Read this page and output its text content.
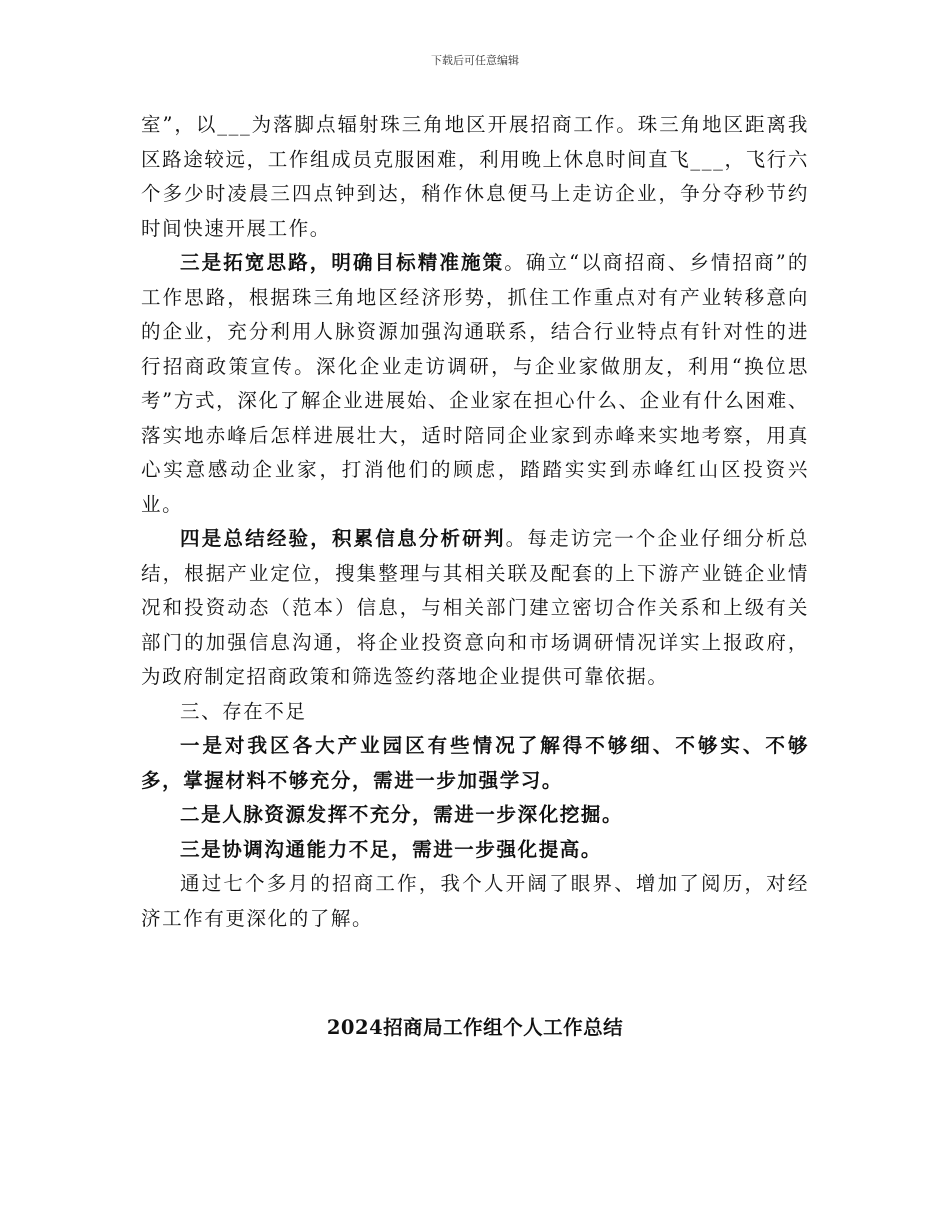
下载后可任意编辑

室”，以___为落脚点辐射珠三角地区开展招商工作。珠三角地区距离我区路途较远，工作组成员克服困难，利用晚上休息时间直飞___，飞行六个多少时凌晨三四点钟到达，稍作休息便马上走访企业，争分夺秒节约时间快速开展工作。

三是拓宽思路，明确目标精准施策。确立“以商招商、乡情招商”的工作思路，根据珠三角地区经济形势，抓住工作重点对有产业转移意向的企业，充分利用人脉资源加强沟通联系，结合行业特点有针对性的进行招商政策宣传。深化企业走访调研，与企业家做朋友，利用“换位思考”方式，深化了解企业进展始、企业家在担心什么、企业有什么困难、落实地赤峰后怎样进展壮大，适时陪同企业家到赤峰来实地考察，用真心实意感动企业家，打消他们的顾虑，踏踏实实到赤峰红山区投资兴业。

四是总结经验，积累信息分析研判。每走访完一个企业仔细分析总结，根据产业定位，搜集整理与其相关联及配套的上下游产业链企业情况和投资动态（范本）信息，与相关部门建立密切合作关系和上级有关部门的加强信息沟通，将企业投资意向和市场调研情况详实上报政府，为政府制定招商政策和筛选签约落地企业提供可靠依据。

三、存在不足

一是对我区各大产业园区有些情况了解得不够细、不够实、不够多，掌握材料不够充分，需进一步加强学习。

二是人脉资源发挥不充分，需进一步深化挖掘。

三是协调沟通能力不足，需进一步强化提高。

通过七个多月的招商工作，我个人开阔了眼界、增加了阅历，对经济工作有更深化的了解。

2024招商局工作组个人工作总结
